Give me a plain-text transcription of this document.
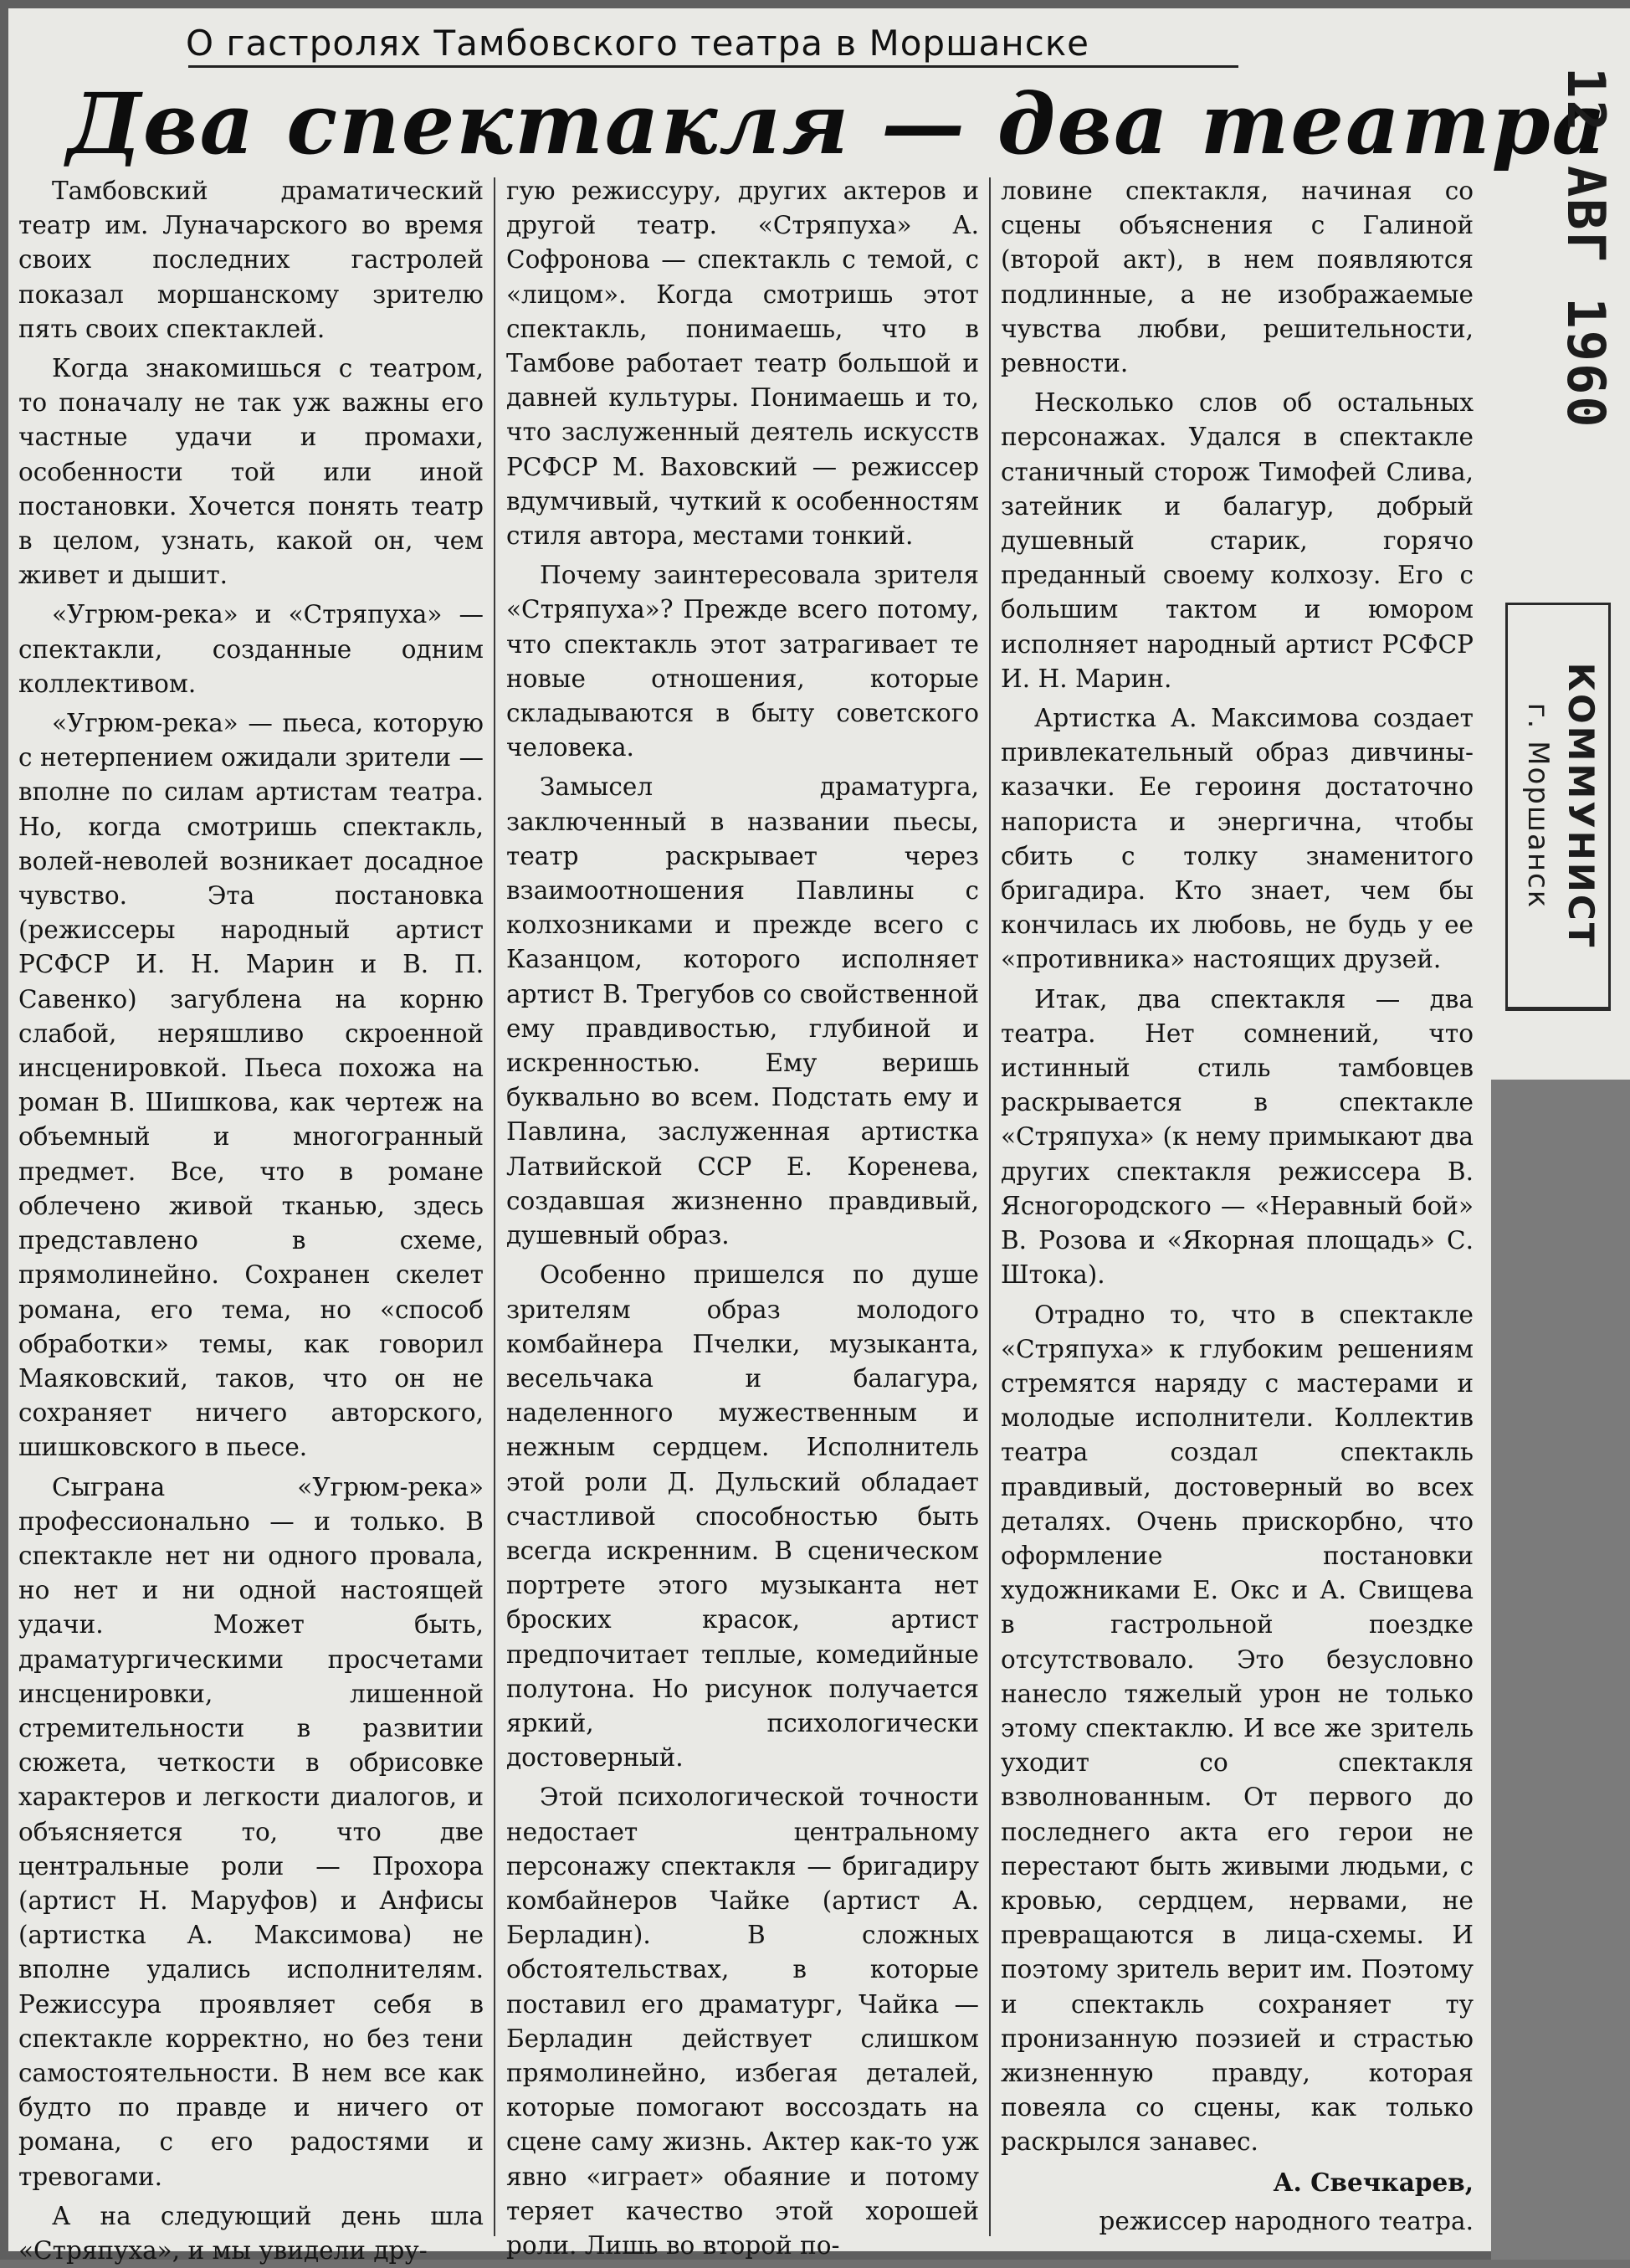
О гастролях Тамбовского театра в Моршанске
Два спектакля — два театра

Тамбовский драматический театр им. Луначарского во время своих последних гастролей показал моршанскому зрителю пять своих спектаклей.

Когда знакомишься с театром, то поначалу не так уж важны его частные удачи и промахи, особенности той или иной постановки. Хочется понять театр в целом, узнать, какой он, чем живет и дышит.

«Угрюм-река» и «Стряпуха» — спектакли, созданные одним коллективом.

«Угрюм-река» — пьеса, которую с нетерпением ожидали зрители — вполне по силам артистам театра. Но, когда смотришь спектакль, волей-неволей возникает досадное чувство. Эта постановка (режиссеры народный артист РСФСР И. Н. Марин и В. П. Савенко) загублена на корню слабой, неряшливо скроенной инсценировкой. Пьеса похожа на роман В. Шишкова, как чертеж на объемный и многогранный предмет. Все, что в романе облечено живой тканью, здесь представлено в схеме, прямолинейно. Сохранен скелет романа, его тема, но «способ обработки» темы, как говорил Маяковский, таков, что он не сохраняет ничего авторского, шишковского в пьесе.

Сыграна «Угрюм-река» профессионально — и только. В спектакле нет ни одного провала, но нет и ни одной настоящей удачи. Может быть, драматургическими просчетами инсценировки, лишенной стремительности в развитии сюжета, четкости в обрисовке характеров и легкости диалогов, и объясняется то, что две центральные роли — Прохора (артист Н. Маруфов) и Анфисы (артистка А. Максимова) не вполне удались исполнителям. Режиссура проявляет себя в спектакле корректно, но без тени самостоятельности. В нем все как будто по правде и ничего от романа, с его радостями и тревогами.

А на следующий день шла «Стряпуха», и мы увидели дру-

гую режиссуру, других актеров и другой театр. «Стряпуха» А. Софронова — спектакль с темой, с «лицом». Когда смотришь этот спектакль, понимаешь, что в Тамбове работает театр большой и давней культуры. Понимаешь и то, что заслуженный деятель искусств РСФСР М. Ваховский — режиссер вдумчивый, чуткий к особенностям стиля автора, местами тонкий.

Почему заинтересовала зрителя «Стряпуха»? Прежде всего потому, что спектакль этот затрагивает те новые отношения, которые складываются в быту советского человека.

Замысел драматурга, заключенный в названии пьесы, театр раскрывает через взаимоотношения Павлины с колхозниками и прежде всего с Казанцом, которого исполняет артист В. Трегубов со свойственной ему правдивостью, глубиной и искренностью. Ему веришь буквально во всем. Подстать ему и Павлина, заслуженная артистка Латвийской ССР Е. Коренева, создавшая жизненно правдивый, душевный образ.

Особенно пришелся по душе зрителям образ молодого комбайнера Пчелки, музыканта, весельчака и балагура, наделенного мужественным и нежным сердцем. Исполнитель этой роли Д. Дульский обладает счастливой способностью быть всегда искренним. В сценическом портрете этого музыканта нет броских красок, артист предпочитает теплые, комедийные полутона. Но рисунок получается яркий, психологически достоверный.

Этой психологической точности недостает центральному персонажу спектакля — бригадиру комбайнеров Чайке (артист А. Берладин). В сложных обстоятельствах, в которые поставил его драматург, Чайка — Берладин действует слишком прямолинейно, избегая деталей, которые помогают воссоздать на сцене саму жизнь. Актер как-то уж явно «играет» обаяние и потому теряет качество этой хорошей роли. Лишь во второй по-

ловине спектакля, начиная со сцены объяснения с Галиной (второй акт), в нем появляются подлинные, а не изображаемые чувства любви, решительности, ревности.

Несколько слов об остальных персонажах. Удался в спектакле станичный сторож Тимофей Слива, затейник и балагур, добрый душевный старик, горячо преданный своему колхозу. Его с большим тактом и юмором исполняет народный артист РСФСР И. Н. Марин.

Артистка А. Максимова создает привлекательный образ дивчины-казачки. Ее героиня достаточно напориста и энергична, чтобы сбить с толку знаменитого бригадира. Кто знает, чем бы кончилась их любовь, не будь у ее «противника» настоящих друзей.

Итак, два спектакля — два театра. Нет сомнений, что истинный стиль тамбовцев раскрывается в спектакле «Стряпуха» (к нему примыкают два других спектакля режиссера В. Ясногородского — «Неравный бой» В. Розова и «Якорная площадь» С. Штока).

Отрадно то, что в спектакле «Стряпуха» к глубоким решениям стремятся наряду с мастерами и молодые исполнители. Коллектив театра создал спектакль правдивый, достоверный во всех деталях. Очень прискорбно, что оформление постановки художниками Е. Окс и А. Свищева в гастрольной поездке отсутствовало. Это безусловно нанесло тяжелый урон не только этому спектаклю. И все же зритель уходит со спектакля взволнованным. От первого до последнего акта его герои не перестают быть живыми людьми, с кровью, сердцем, нервами, не превращаются в лица-схемы. И поэтому зритель верит им. Поэтому и спектакль сохраняет ту пронизанную поэзией и страстью жизненную правду, которая повеяла со сцены, как только раскрылся занавес.

А. Свечкарев,

режиссер народного театра.

12 АВГ 1960
КОММУНИСТ
г. Моршанск
